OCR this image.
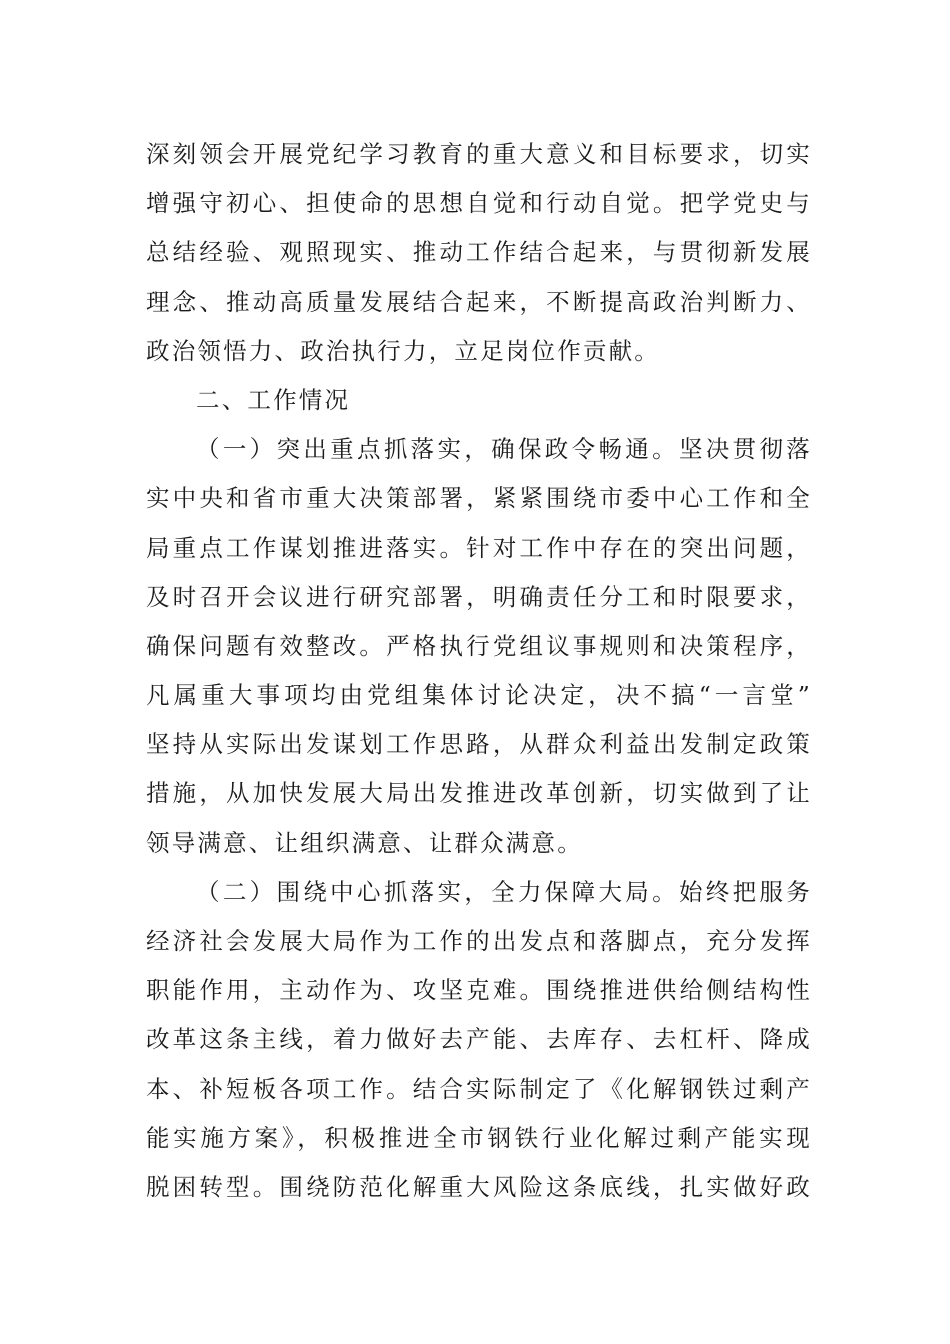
深刻领会开展党纪学习教育的重大意义和目标要求，切实
增强守初心、担使命的思想自觉和行动自觉。把学党史与
总结经验、观照现实、推动工作结合起来，与贯彻新发展
理念、推动高质量发展结合起来，不断提高政治判断力、
政治领悟力、政治执行力，立足岗位作贡献。
二、工作情况
（一）突出重点抓落实，确保政令畅通。坚决贯彻落
实中央和省市重大决策部署，紧紧围绕市委中心工作和全
局重点工作谋划推进落实。针对工作中存在的突出问题，
及时召开会议进行研究部署，明确责任分工和时限要求，
确保问题有效整改。严格执行党组议事规则和决策程序，
凡属重大事项均由党组集体讨论决定，决不搞“一言堂”
坚持从实际出发谋划工作思路，从群众利益出发制定政策
措施，从加快发展大局出发推进改革创新，切实做到了让
领导满意、让组织满意、让群众满意。
（二）围绕中心抓落实，全力保障大局。始终把服务
经济社会发展大局作为工作的出发点和落脚点，充分发挥
职能作用，主动作为、攻坚克难。围绕推进供给侧结构性
改革这条主线，着力做好去产能、去库存、去杠杆、降成
本、补短板各项工作。结合实际制定了《化解钢铁过剩产
能实施方案》，积极推进全市钢铁行业化解过剩产能实现
脱困转型。围绕防范化解重大风险这条底线，扎实做好政
